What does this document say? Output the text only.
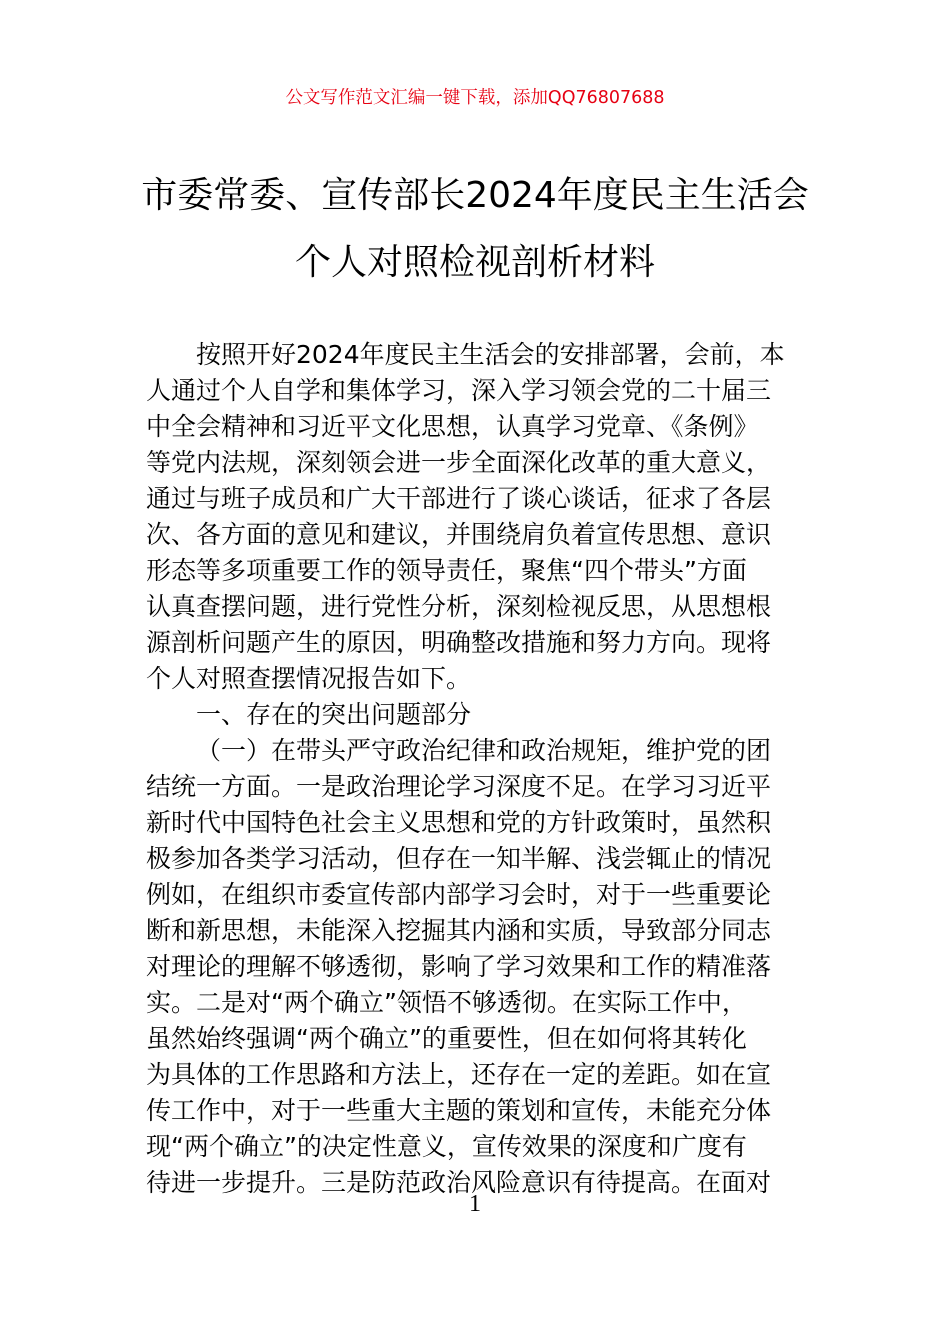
公文写作范文汇编一键下载，添加QQ76807688
市委常委、宣传部长2024年度民主生活会
个人对照检视剖析材料
按照开好2024年度民主生活会的安排部署，会前，本
人通过个人自学和集体学习，深入学习领会党的二十届三
中全会精神和习近平文化思想，认真学习党章、《条例》
等党内法规，深刻领会进一步全面深化改革的重大意义，
通过与班子成员和广大干部进行了谈心谈话，征求了各层
次、各方面的意见和建议，并围绕肩负着宣传思想、意识
形态等多项重要工作的领导责任，聚焦“四个带头”方面
认真查摆问题，进行党性分析，深刻检视反思，从思想根
源剖析问题产生的原因，明确整改措施和努力方向。现将
个人对照查摆情况报告如下。
一、存在的突出问题部分
（一）在带头严守政治纪律和政治规矩，维护党的团
结统一方面。一是政治理论学习深度不足。在学习习近平
新时代中国特色社会主义思想和党的方针政策时，虽然积
极参加各类学习活动，但存在一知半解、浅尝辄止的情况
例如，在组织市委宣传部内部学习会时，对于一些重要论
断和新思想，未能深入挖掘其内涵和实质，导致部分同志
对理论的理解不够透彻，影响了学习效果和工作的精准落
实。二是对“两个确立”领悟不够透彻。在实际工作中，
虽然始终强调“两个确立”的重要性，但在如何将其转化
为具体的工作思路和方法上，还存在一定的差距。如在宣
传工作中，对于一些重大主题的策划和宣传，未能充分体
现“两个确立”的决定性意义，宣传效果的深度和广度有
待进一步提升。三是防范政治风险意识有待提高。在面对
1
